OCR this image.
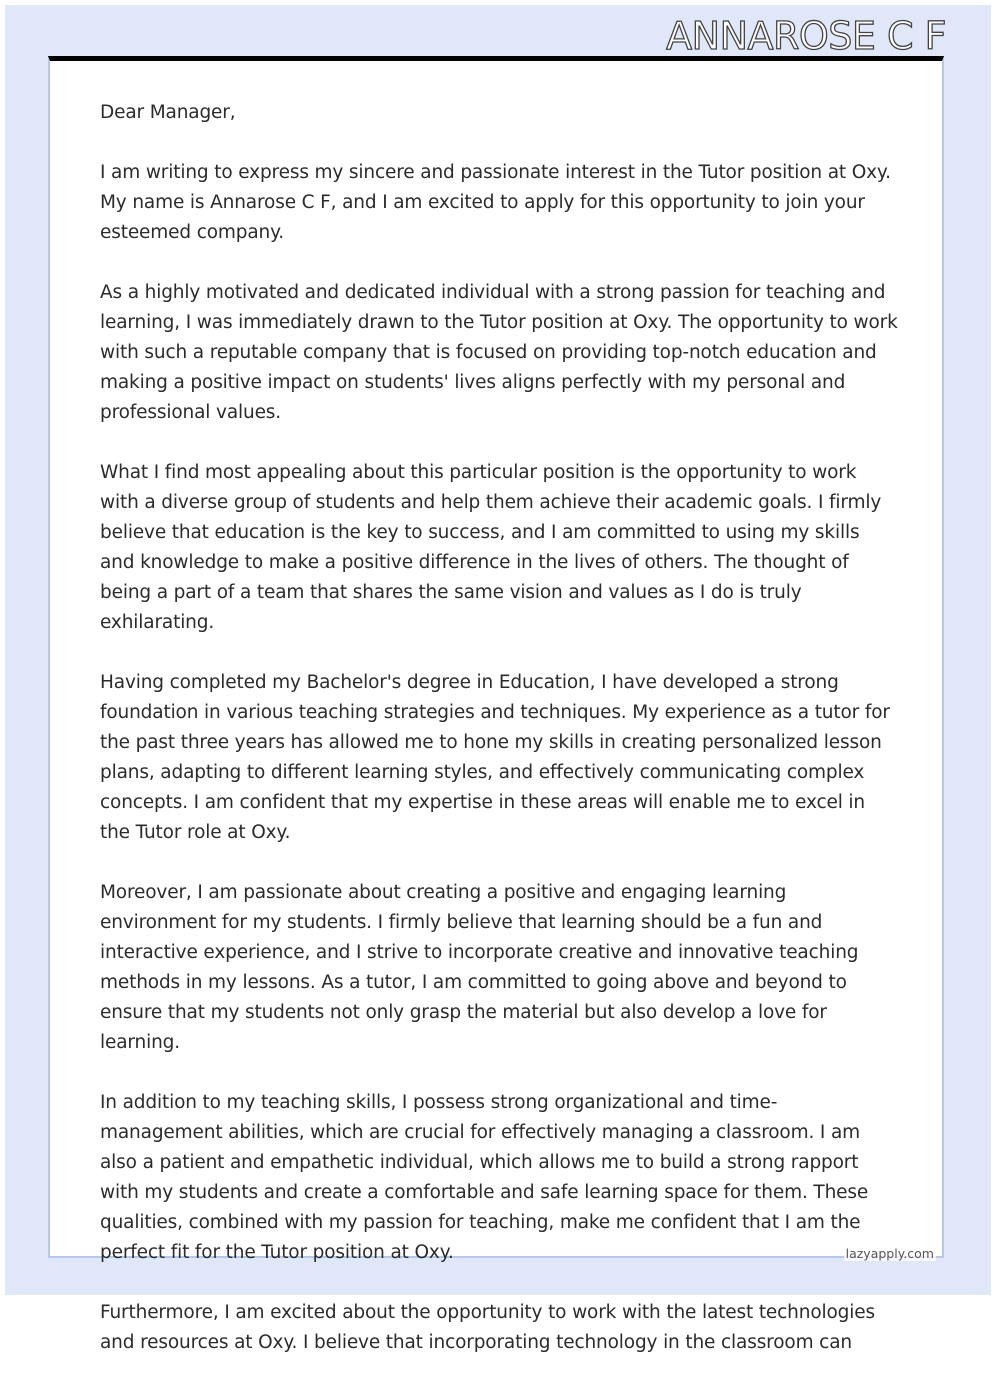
ANNAROSE C F

Dear Manager,

I am writing to express my sincere and passionate interest in the Tutor position at Oxy. My name is Annarose C F, and I am excited to apply for this opportunity to join your esteemed company.

As a highly motivated and dedicated individual with a strong passion for teaching and learning, I was immediately drawn to the Tutor position at Oxy. The opportunity to work with such a reputable company that is focused on providing top-notch education and making a positive impact on students' lives aligns perfectly with my personal and professional values.

What I find most appealing about this particular position is the opportunity to work with a diverse group of students and help them achieve their academic goals. I firmly believe that education is the key to success, and I am committed to using my skills and knowledge to make a positive difference in the lives of others. The thought of being a part of a team that shares the same vision and values as I do is truly exhilarating.

Having completed my Bachelor's degree in Education, I have developed a strong foundation in various teaching strategies and techniques. My experience as a tutor for the past three years has allowed me to hone my skills in creating personalized lesson plans, adapting to different learning styles, and effectively communicating complex concepts. I am confident that my expertise in these areas will enable me to excel in the Tutor role at Oxy.

Moreover, I am passionate about creating a positive and engaging learning environment for my students. I firmly believe that learning should be a fun and interactive experience, and I strive to incorporate creative and innovative teaching methods in my lessons. As a tutor, I am committed to going above and beyond to ensure that my students not only grasp the material but also develop a love for learning.

In addition to my teaching skills, I possess strong organizational and time-management abilities, which are crucial for effectively managing a classroom. I am also a patient and empathetic individual, which allows me to build a strong rapport with my students and create a comfortable and safe learning space for them. These qualities, combined with my passion for teaching, make me confident that I am the perfect fit for the Tutor position at Oxy.

Furthermore, I am excited about the opportunity to work with the latest technologies and resources at Oxy. I believe that incorporating technology in the classroom can

lazyapply.com
